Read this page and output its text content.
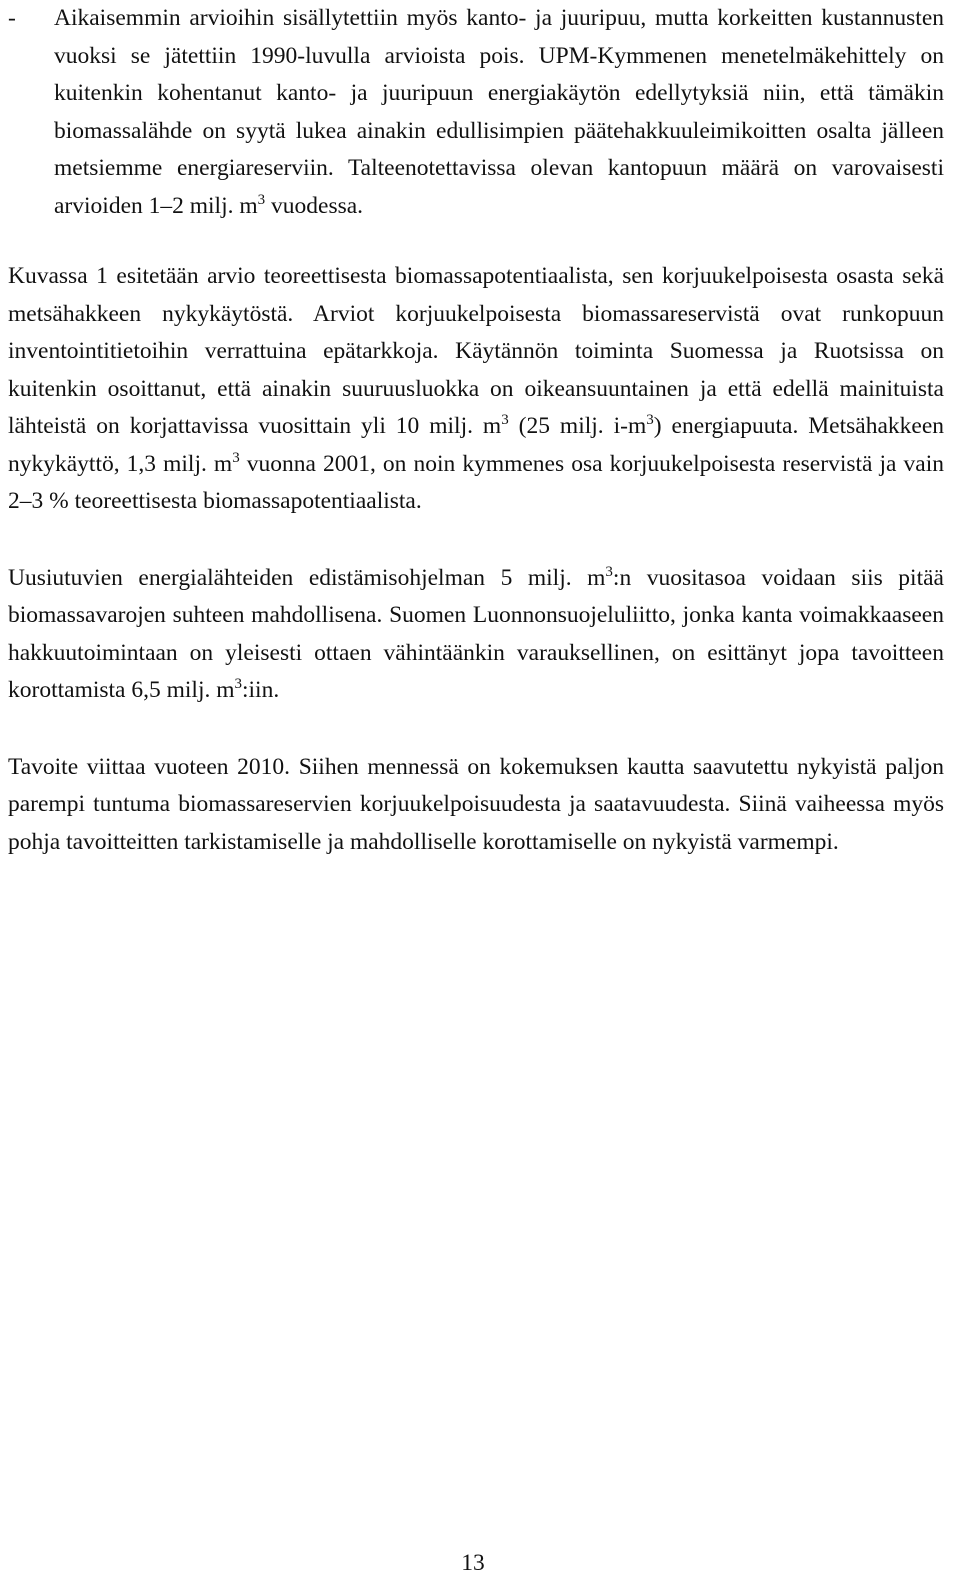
- Aikaisemmin arvioihin sisällytettiin myös kanto- ja juuripuu, mutta korkeitten kustannusten vuoksi se jätettiin 1990-luvulla arvioista pois. UPM-Kymmenen menetelmäkehittely on kuitenkin kohentanut kanto- ja juuripuun energiakäytön edellytyksiä niin, että tämäkin biomassalähde on syytä lukea ainakin edullisimpien päätehakkuuleimikoitten osalta jälleen metsiemme energiareserviin. Talteenotettavissa olevan kantopuun määrä on varovaisesti arvioiden 1–2 milj. $m^3$ vuodessa.

Kuvassa 1 esitetään arvio teoreettisesta biomassapotentiaalista, sen korjuukelpoisesta osasta sekä metsähakkeen nykykäytöstä. Arviot korjuukelpoisesta biomassareservistä ovat runkopuun inventointitietoihin verrattuina epätarkkoja. Käytännön toiminta Suomessa ja Ruotsissa on kuitenkin osoittanut, että ainakin suuruusluokka on oikeansuuntainen ja että edellä mainituista lähteistä on korjattavissa vuosittain yli 10 milj. $m^3$ (25 milj. $i-m^3$) energiapuuta. Metsähakkeen nykykäyttö, 1,3 milj. $m^3$ vuonna 2001, on noin kymmenes osa korjuukelpoisesta reservistä ja vain 2–3 % teoreettisesta biomassapotentiaalista.

Uusiutuvien energialähteiden edistämisohjelman 5 milj. $m^3:n$ vuositasoa voidaan siis pitää biomassavarojen suhteen mahdollisena. Suomen Luonnonsuojeluliitto, jonka kanta voimakkaaseen hakkuutoimintaan on yleisesti ottaen vähintäänkin varauksellinen, on esittänyt jopa tavoitteen korottamista 6,5 milj. $m^3:iin$.

Tavoite viittaa vuoteen 2010. Siihen mennessä on kokemuksen kautta saavutettu nykyistä paljon parempi tuntuma biomassareservien korjuukelpoisuudesta ja saatavuudesta. Siinä vaiheessa myös pohja tavoitteitten tarkistamiselle ja mahdolliselle korottamiselle on nykyistä varmempi.

13
